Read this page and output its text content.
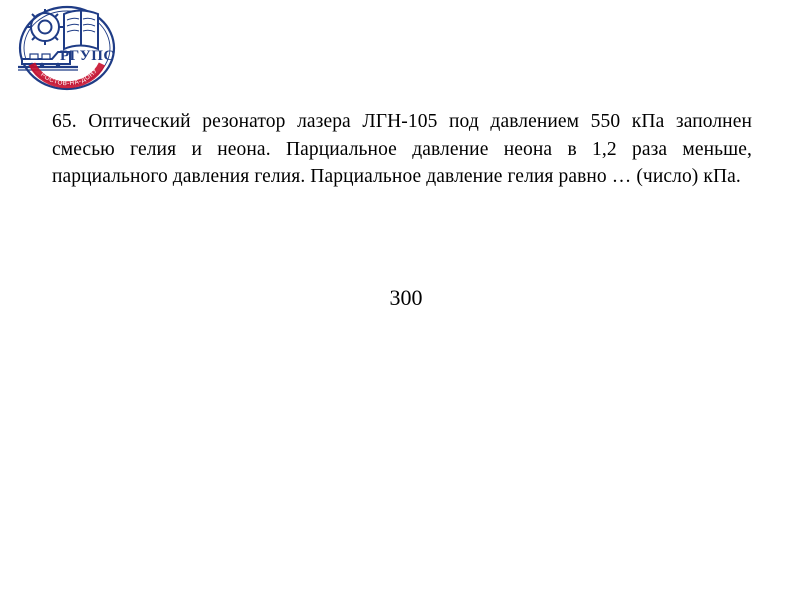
РГУПС
РОСТОВ-НА-ДОНУ

65. Оптический резонатор лазера ЛГН-105 под давлением 550 кПа заполнен смесью гелия и неона. Парциальное давление неона в 1,2 раза меньше, парциального давления гелия. Парциальное давление гелия равно … (число) кПа.

300
